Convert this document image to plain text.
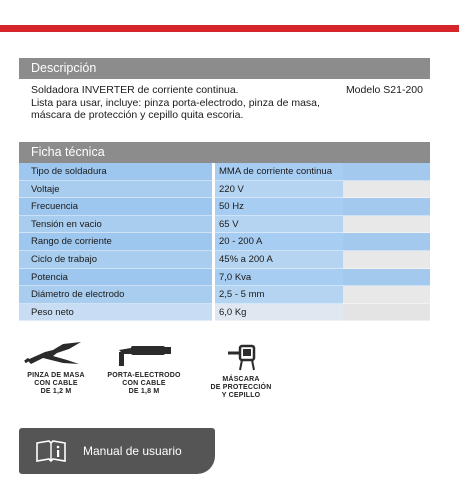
Descripción
Soldadora INVERTER de corriente continua.
Lista para usar, incluye: pinza porta-electrodo, pinza de masa,
máscara de protección y cepillo quita escoria.
Modelo S21-200
Ficha técnica
Tipo de soldadura	MMA de corriente continua
Voltaje	220 V
Frecuencia	50 Hz
Tensión en vacio	65 V
Rango de corriente	20 - 200 A
Ciclo de trabajo	45% a 200 A
Potencia	7,0 Kva
Diámetro de electrodo	2,5 - 5 mm
Peso neto	6,0 Kg
PINZA DE MASA
CON CABLE
DE 1,2 M
PORTA-ELECTRODO
CON CABLE
DE 1,8 M
MÁSCARA
DE PROTECCIÓN
Y CEPILLO
Manual de usuario
